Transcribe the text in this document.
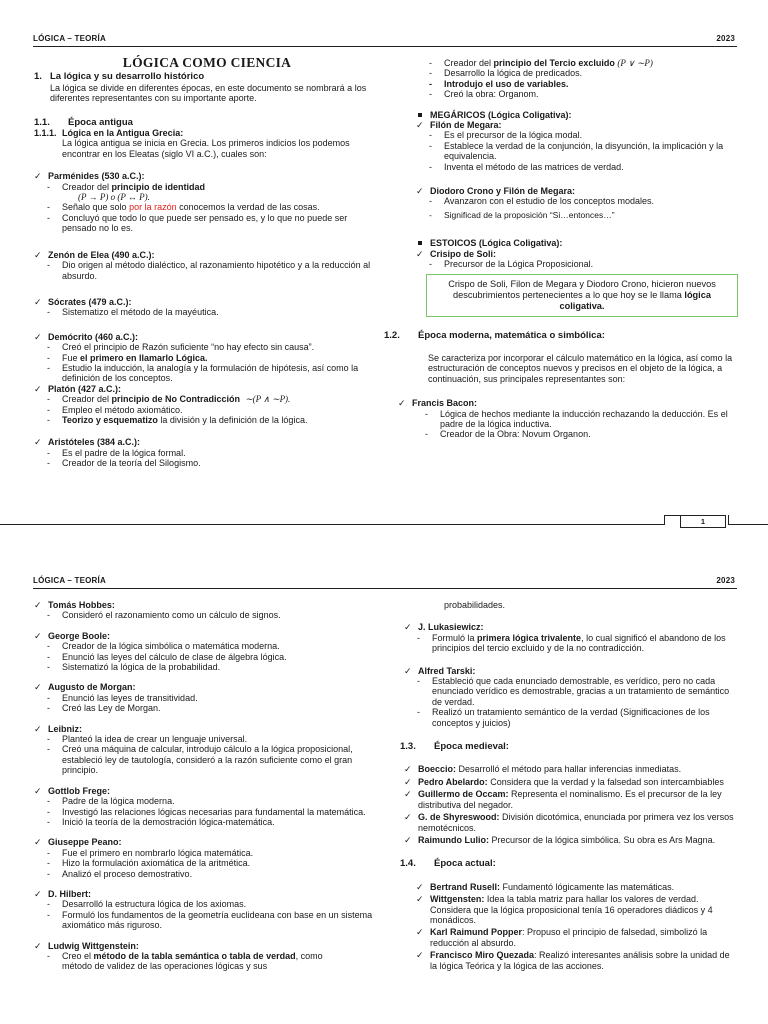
LÓGICA – TEORÍA	2023
LÓGICA COMO CIENCIA
1. La lógica y su desarrollo histórico
La lógica se divide en diferentes épocas, en este documento se nombrará a los diferentes representantes con su importante aporte.
1.1. Época antigua
1.1.1. Lógica en la Antigua Grecia:
La lógica antigua se inicia en Grecia. Los primeros indicios los podemos encontrar en los Eleatas (siglo VI a.C.), cuales son:
✓ Parménides (530 a.C.):
- Creador del principio de identidad
(P → P) o (P ↔ P).
- Señalo que solo por la razón conocemos la verdad de las cosas.
- Concluyó que todo lo que puede ser pensado es, y lo que no puede ser pensado no lo es.
✓ Zenón de Elea (490 a.C.):
- Dio origen al método dialéctico, al razonamiento hipotético y a la reducción al absurdo.
✓ Sócrates (479 a.C.):
- Sistematizo el método de la mayéutica.
✓ Demócrito (460 a.C.):
- Creó el principio de Razón suficiente “no hay efecto sin causa”.
- Fue el primero en llamarlo Lógica.
- Estudio la inducción, la analogía y la formulación de hipótesis, así como la definición de los conceptos.
✓ Platón (427 a.C.):
- Creador del principio de No Contradicción ∼(P ∧ ∼P).
- Empleo el método axiomático.
- Teorizo y esquematizo la división y la definición de la lógica.
✓ Aristóteles (384 a.C.):
- Es el padre de la lógica formal.
- Creador de la teoría del Silogismo.
- Creador del principio del Tercio excluido (P ∨ ∼P)
- Desarrollo la lógica de predicados.
- Introdujo el uso de variables.
- Creó la obra: Organom.
MEGÁRICOS (Lógica Coligativa):
✓ Filón de Megara:
- Es el precursor de la lógica modal.
- Establece la verdad de la conjunción, la disyunción, la implicación y la equivalencia.
- Inventa el método de las matrices de verdad.
✓ Diodoro Crono y Filón de Megara:
- Avanzaron con el estudio de los conceptos modales.
- Significad de la proposición “Si…entonces…”
ESTOICOS (Lógica Coligativa):
✓ Crisipo de Soli:
- Precursor de la Lógica Proposicional.
Crispo de Soli, Filon de Megara y Diodoro Crono, hicieron nuevos descubrimientos pertenecientes a lo que hoy se le llama lógica coligativa.
1.2. Época moderna, matemática o simbólica:
Se caracteriza por incorporar el cálculo matemático en la lógica, así como la estructuración de conceptos nuevos y precisos en el objeto de la lógica, a continuación, sus principales representantes son:
✓ Francis Bacon:
- Lógica de hechos mediante la inducción rechazando la deducción. Es el padre de la lógica inductiva.
- Creador de la Obra: Novum Organon.
1
LÓGICA – TEORÍA	2023
✓ Tomás Hobbes:
- Consideró el razonamiento como un cálculo de signos.
✓ George Boole:
- Creador de la lógica simbólica o matemática moderna.
- Enunció las leyes del cálculo de clase de álgebra lógica.
- Sistematizó la lógica de la probabilidad.
✓ Augusto de Morgan:
- Enunció las leyes de transitividad.
- Creó las Ley de Morgan.
✓ Leibniz:
- Planteó la idea de crear un lenguaje universal.
- Creó una máquina de calcular, introdujo cálculo a la lógica proposicional, estableció ley de tautología, consideró a la razón suficiente como el gran principio.
✓ Gottlob Frege:
- Padre de la lógica moderna.
- Investigó las relaciones lógicas necesarias para fundamental la matemática.
- Inició la teoría de la demostración lógica-matemática.
✓ Giuseppe Peano:
- Fue el primero en nombrarlo lógica matemática.
- Hizo la formulación axiomática de la aritmética.
- Analizó el proceso demostrativo.
✓ D. Hilbert:
- Desarrolló la estructura lógica de los axiomas.
- Formuló los fundamentos de la geometría euclideana con base en un sistema axiomático más riguroso.
✓ Ludwig Wittgenstein:
- Creo el método de la tabla semántica o tabla de verdad, como
método de validez de las operaciones lógicas y sus
probabilidades.
✓ J. Lukasiewicz:
- Formuló la primera lógica trivalente, lo cual significó el abandono de los principios del tercio excluido y de la no contradicción.
✓ Alfred Tarski:
- Estableció que cada enunciado demostrable, es verídico, pero no cada enunciado verídico es demostrable, gracias a un tratamiento de semántico de verdad.
- Realizó un tratamiento semántico de la verdad (Significaciones de los conceptos y juicios)
1.3. Época medieval:
✓ Boeccio: Desarrolló el método para hallar inferencias inmediatas.
✓ Pedro Abelardo: Considera que la verdad y la falsedad son intercambiables
✓ Guillermo de Occam: Representa el nominalismo. Es el precursor de la ley distributiva del negador.
✓ G. de Shyreswood: División dicotómica, enunciada por primera vez los versos nemotécnicos.
✓ Raimundo Lulio: Precursor de la lógica simbólica. Su obra es Ars Magna.
1.4. Época actual:
✓ Bertrand Rusell: Fundamentó lógicamente las matemáticas.
✓ Wittgensten: Idea la tabla matriz para hallar los valores de verdad. Considera que la lógica proposicional tenía 16 operadores diádicos y 4 monádicos.
✓ Karl Raimund Popper: Propuso el principio de falsedad, simbolizó la reducción al absurdo.
✓ Francisco Miro Quezada: Realizó interesantes análisis sobre la unidad de la lógica Teórica y la lógica de las acciones.
